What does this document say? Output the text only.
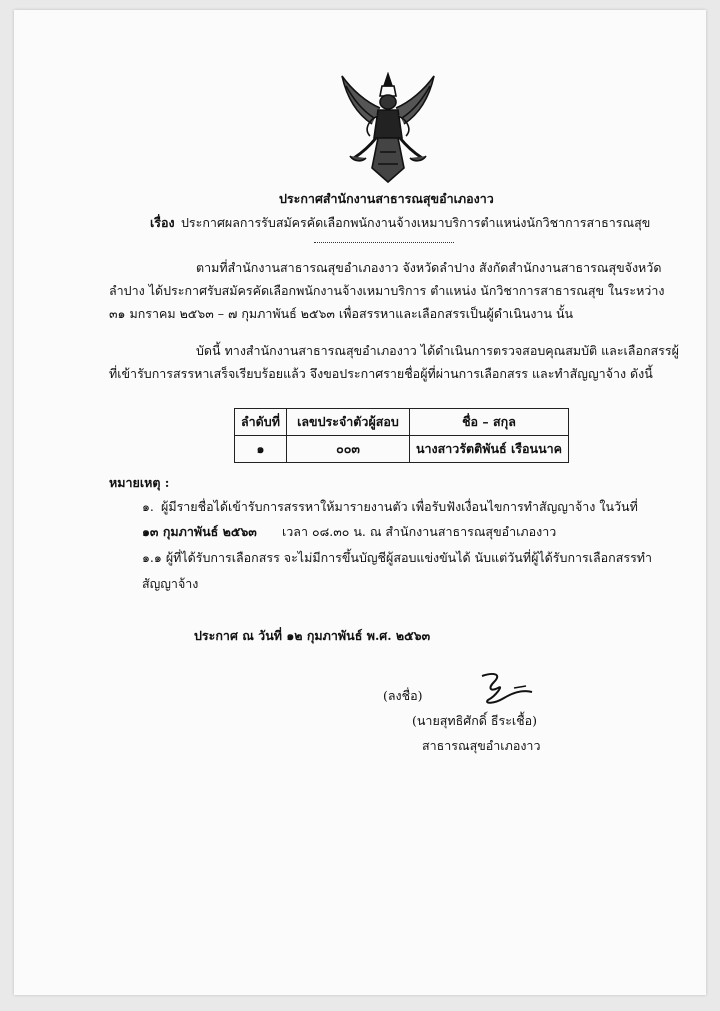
ประกาศสำนักงานสาธารณสุขอำเภองาว
เรื่อง ประกาศผลการรับสมัครคัดเลือกพนักงานจ้างเหมาบริการตำแหน่งนักวิชาการสาธารณสุข
ตามที่สำนักงานสาธารณสุขอำเภองาว จังหวัดลำปาง สังกัดสำนักงานสาธารณสุขจังหวัด
ลำปาง ได้ประกาศรับสมัครคัดเลือกพนักงานจ้างเหมาบริการ ตำแหน่ง นักวิชาการสาธารณสุข ในระหว่าง
๓๑ มกราคม ๒๕๖๓ – ๗ กุมภาพันธ์ ๒๕๖๓ เพื่อสรรหาและเลือกสรรเป็นผู้ดำเนินงาน นั้น
บัดนี้ ทางสำนักงานสาธารณสุขอำเภองาว ได้ดำเนินการตรวจสอบคุณสมบัติ และเลือกสรรผู้
ที่เข้ารับการสรรหาเสร็จเรียบร้อยแล้ว จึงขอประกาศรายชื่อผู้ที่ผ่านการเลือกสรร และทำสัญญาจ้าง ดังนี้
ลำดับที่	เลขประจำตัวผู้สอบ	ชื่อ – สกุล
๑	๐๐๓	นางสาวรัตติพันธ์ เรือนนาค
หมายเหตุ :
๑. ผู้มีรายชื่อได้เข้ารับการสรรหาให้มารายงานตัว เพื่อรับฟังเงื่อนไขการทำสัญญาจ้าง ในวันที่
๑๓ กุมภาพันธ์ ๒๕๖๓ เวลา ๐๘.๓๐ น. ณ สำนักงานสาธารณสุขอำเภองาว
๑.๑ ผู้ที่ได้รับการเลือกสรร จะไม่มีการขึ้นบัญชีผู้สอบแข่งขันได้ นับแต่วันที่ผู้ได้รับการเลือกสรรทำ
สัญญาจ้าง
ประกาศ ณ วันที่ ๑๒ กุมภาพันธ์ พ.ศ. ๒๕๖๓
(ลงชื่อ)
(นายสุทธิศักดิ์ ธีระเชื้อ)
สาธารณสุขอำเภองาว
